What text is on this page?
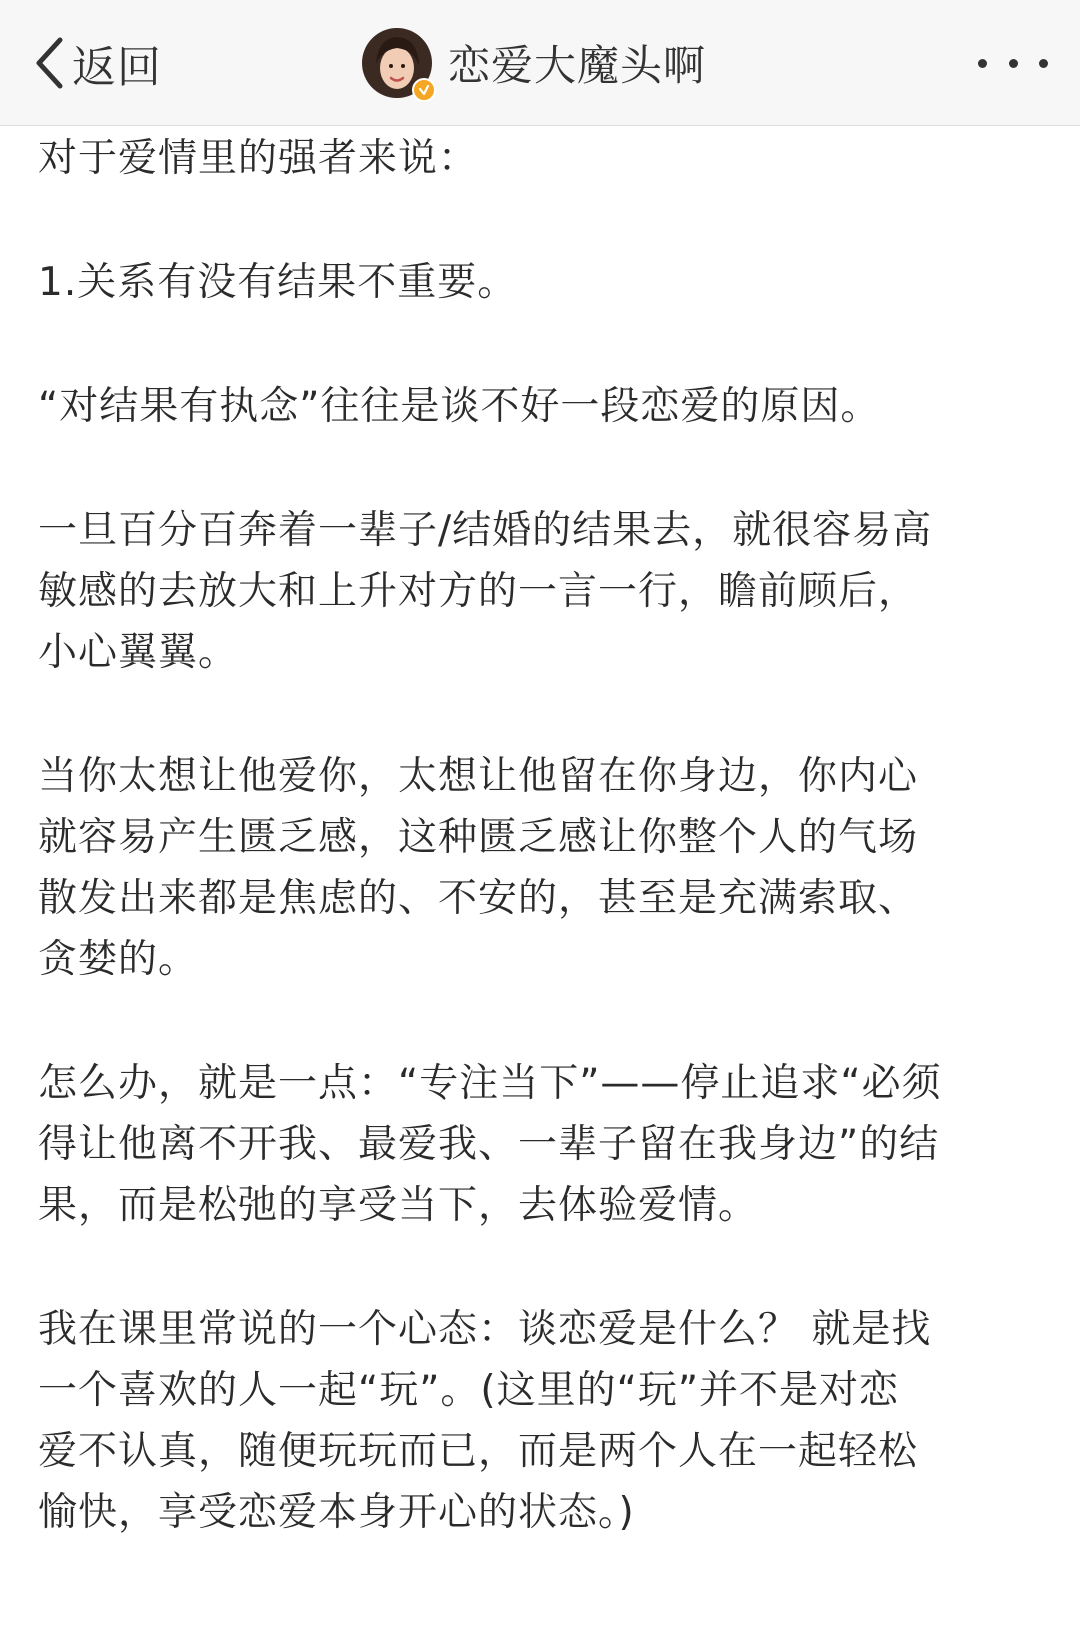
返回	恋爱大魔头啊

对于爱情里的强者来说：

1.关系有没有结果不重要。

“对结果有执念”往往是谈不好一段恋爱的原因。

一旦百分百奔着一辈子/结婚的结果去，就很容易高
敏感的去放大和上升对方的一言一行，瞻前顾后，
小心翼翼。

当你太想让他爱你，太想让他留在你身边，你内心
就容易产生匮乏感，这种匮乏感让你整个人的气场
散发出来都是焦虑的、不安的，甚至是充满索取、
贪婪的。

怎么办，就是一点：“专注当下”——停止追求“必须
得让他离不开我、最爱我、一辈子留在我身边”的结
果，而是松弛的享受当下，去体验爱情。

我在课里常说的一个心态：谈恋爱是什么？ 就是找
一个喜欢的人一起“玩”。(这里的“玩”并不是对恋
爱不认真，随便玩玩而已，而是两个人在一起轻松
愉快，享受恋爱本身开心的状态。)
